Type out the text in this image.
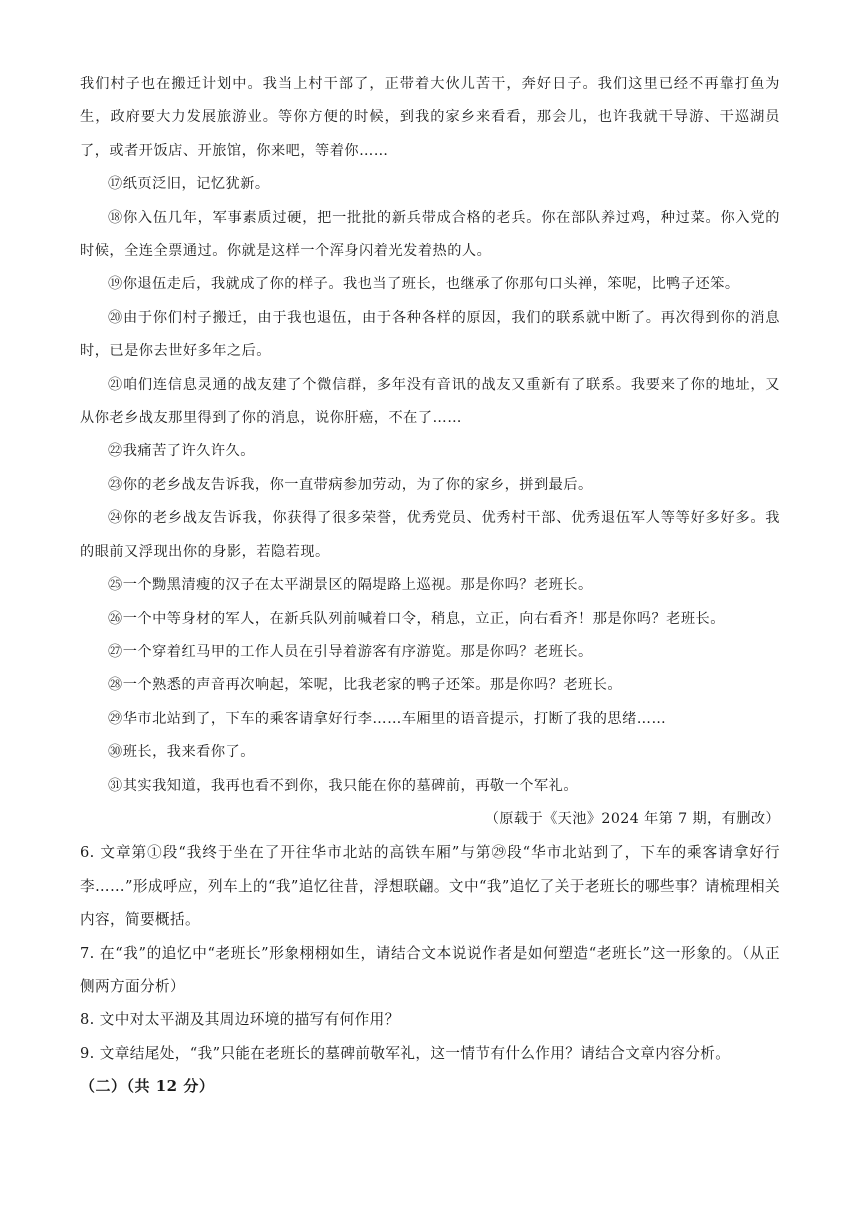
我们村子也在搬迁计划中。我当上村干部了，正带着大伙儿苦干，奔好日子。我们这里已经不再靠打鱼为生，政府要大力发展旅游业。等你方便的时候，到我的家乡来看看，那会儿，也许我就干导游、干巡湖员了，或者开饭店、开旅馆，你来吧，等着你……

⑰纸页泛旧，记忆犹新。

⑱你入伍几年，军事素质过硬，把一批批的新兵带成合格的老兵。你在部队养过鸡，种过菜。你入党的时候，全连全票通过。你就是这样一个浑身闪着光发着热的人。

⑲你退伍走后，我就成了你的样子。我也当了班长，也继承了你那句口头禅，笨呢，比鸭子还笨。

⑳由于你们村子搬迁，由于我也退伍，由于各种各样的原因，我们的联系就中断了。再次得到你的消息时，已是你去世好多年之后。

㉑咱们连信息灵通的战友建了个微信群，多年没有音讯的战友又重新有了联系。我要来了你的地址，又从你老乡战友那里得到了你的消息，说你肝癌，不在了……

㉒我痛苦了许久许久。

㉓你的老乡战友告诉我，你一直带病参加劳动，为了你的家乡，拼到最后。

㉔你的老乡战友告诉我，你获得了很多荣誉，优秀党员、优秀村干部、优秀退伍军人等等好多好多。我的眼前又浮现出你的身影，若隐若现。

㉕一个黝黑清瘦的汉子在太平湖景区的隔堤路上巡视。那是你吗？老班长。

㉖一个中等身材的军人，在新兵队列前喊着口令，稍息，立正，向右看齐！那是你吗？老班长。

㉗一个穿着红马甲的工作人员在引导着游客有序游览。那是你吗？老班长。

㉘一个熟悉的声音再次响起，笨呢，比我老家的鸭子还笨。那是你吗？老班长。

㉙华市北站到了，下车的乘客请拿好行李……车厢里的语音提示，打断了我的思绪……

㉚班长，我来看你了。

㉛其实我知道，我再也看不到你，我只能在你的墓碑前，再敬一个军礼。

（原载于《天池》2024 年第 7 期，有删改）

6. 文章第①段“我终于坐在了开往华市北站的高铁车厢”与第㉙段“华市北站到了，下车的乘客请拿好行李……”形成呼应，列车上的“我”追忆往昔，浮想联翩。文中“我”追忆了关于老班长的哪些事？请梳理相关内容，简要概括。

7. 在“我”的追忆中“老班长”形象栩栩如生，请结合文本说说作者是如何塑造“老班长”这一形象的。（从正侧两方面分析）

8. 文中对太平湖及其周边环境的描写有何作用？

9. 文章结尾处，“我”只能在老班长的墓碑前敬军礼，这一情节有什么作用？请结合文章内容分析。

（二）（共 12 分）
